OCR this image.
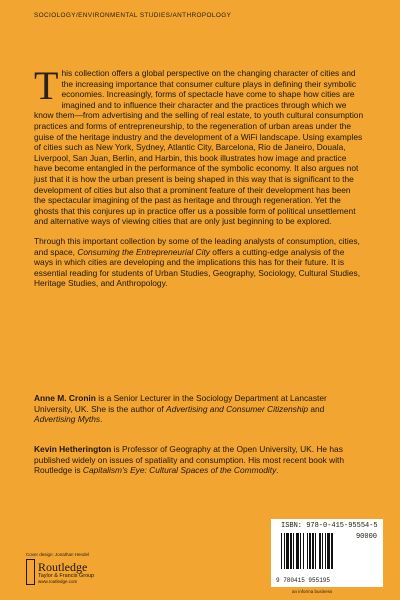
SOCIOLOGY/ENVIRONMENTAL STUDIES/ANTHROPOLOGY

This collection offers a global perspective on the changing character of cities and the increasing importance that consumer culture plays in defining their symbolic economies. Increasingly, forms of spectacle have come to shape how cities are imagined and to influence their character and the practices through which we know them—from advertising and the selling of real estate, to youth cultural consumption practices and forms of entrepreneurship, to the regeneration of urban areas under the guise of the heritage industry and the development of a WiFi landscape. Using examples of cities such as New York, Sydney, Atlantic City, Barcelona, Rio de Janeiro, Douala, Liverpool, San Juan, Berlin, and Harbin, this book illustrates how image and practice have become entangled in the performance of the symbolic economy. It also argues not just that it is how the urban present is being shaped in this way that is significant to the development of cities but also that a prominent feature of their development has been the spectacular imagining of the past as heritage and through regeneration. Yet the ghosts that this conjures up in practice offer us a possible form of political unsettlement and alternative ways of viewing cities that are only just beginning to be explored.

Through this important collection by some of the leading analysts of consumption, cities, and space, Consuming the Entrepreneurial City offers a cutting-edge analysis of the ways in which cities are developing and the implications this has for their future. It is essential reading for students of Urban Studies, Geography, Sociology, Cultural Studies, Heritage Studies, and Anthropology.

Anne M. Cronin is a Senior Lecturer in the Sociology Department at Lancaster University, UK. She is the author of Advertising and Consumer Citizenship and Advertising Myths.
Kevin Hetherington is Professor of Geography at the Open University, UK. He has published widely on issues of spatiality and consumption. His most recent book with Routledge is Capitalism's Eye: Cultural Spaces of the Commodity.
Cover design: Jonathan Hendel
Routledge
Taylor & Francis Group
www.routledge.com
ISBN: 978-0-415-95554-5
90000
9 780415 955195
an informa business
